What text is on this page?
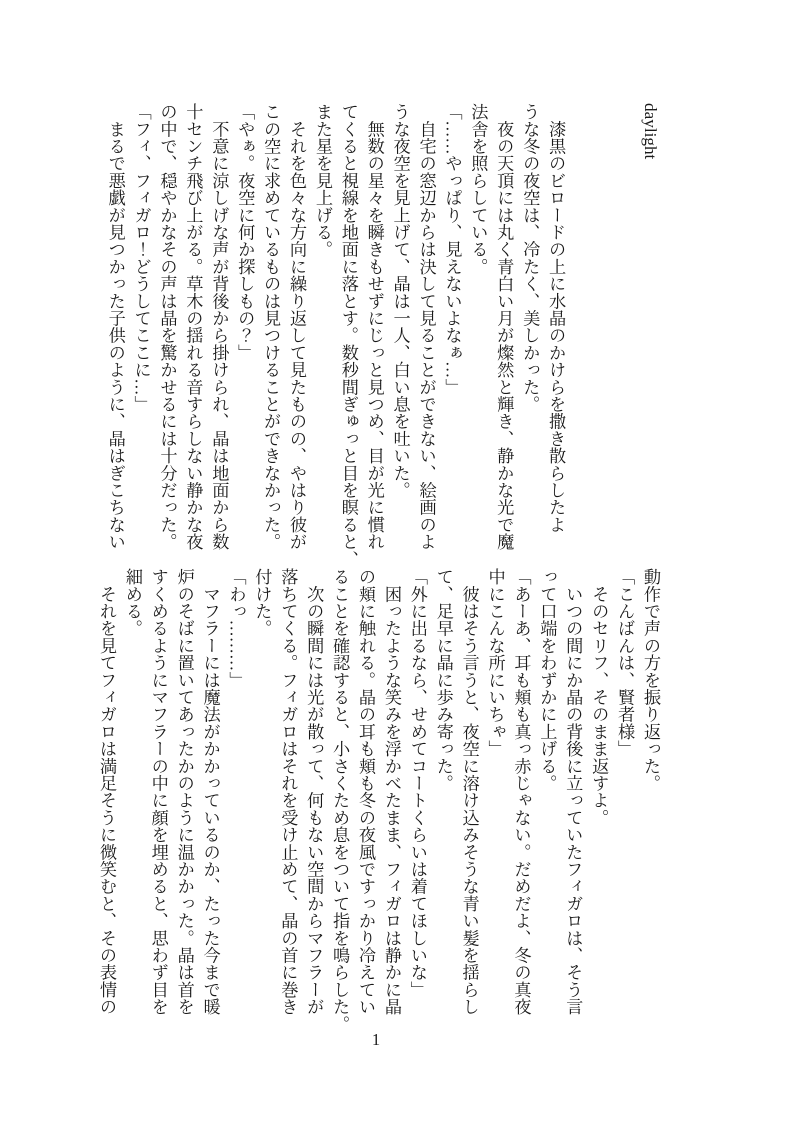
daylight
　漆黒のビロードの上に水晶のかけらを撒き散らしたよ
うな冬の夜空は、冷たく、美しかった。
　夜の天頂には丸く青白い月が燦然と輝き、静かな光で魔
法舎を照らしている。
「……やっぱり、見えないよなぁ…」
　自宅の窓辺からは決して見ることができない、絵画のよ
うな夜空を見上げて、晶は一人、白い息を吐いた。
　無数の星々を瞬きもせずにじっと見つめ、目が光に慣れ
てくると視線を地面に落とす。数秒間ぎゅっと目を瞑ると、
また星を見上げる。
　それを色々な方向に繰り返して見たものの、やはり彼が
この空に求めているものは見つけることができなかった。
「やぁ。夜空に何か探しもの？」
　不意に涼しげな声が背後から掛けられ、晶は地面から数
十センチ飛び上がる。草木の揺れる音すらしない静かな夜
の中で、穏やかなその声は晶を驚かせるには十分だった。
「フィ、フィガロ！どうしてここに…」
　まるで悪戯が見つかった子供のように、晶はぎこちない
動作で声の方を振り返った。
「こんばんは、賢者様」
　そのセリフ、そのまま返すよ。
　いつの間にか晶の背後に立っていたフィガロは、そう言
って口端をわずかに上げる。
「あーあ、耳も頬も真っ赤じゃない。だめだよ、冬の真夜
中にこんな所にいちゃ」
　彼はそう言うと、夜空に溶け込みそうな青い髪を揺らし
て、足早に晶に歩み寄った。
「外に出るなら、せめてコートくらいは着てほしいな」
　困ったような笑みを浮かべたまま、フィガロは静かに晶
の頬に触れる。晶の耳も頬も冬の夜風ですっかり冷えてい
ることを確認すると、小さくため息をついて指を鳴らした。
　次の瞬間には光が散って、何もない空間からマフラーが
落ちてくる。フィガロはそれを受け止めて、晶の首に巻き
付けた。
「わっ………」
　マフラーには魔法がかかっているのか、たった今まで暖
炉のそばに置いてあったかのように温かかった。晶は首を
すくめるようにマフラーの中に顔を埋めると、思わず目を
細める。
　それを見てフィガロは満足そうに微笑むと、その表情の
1
